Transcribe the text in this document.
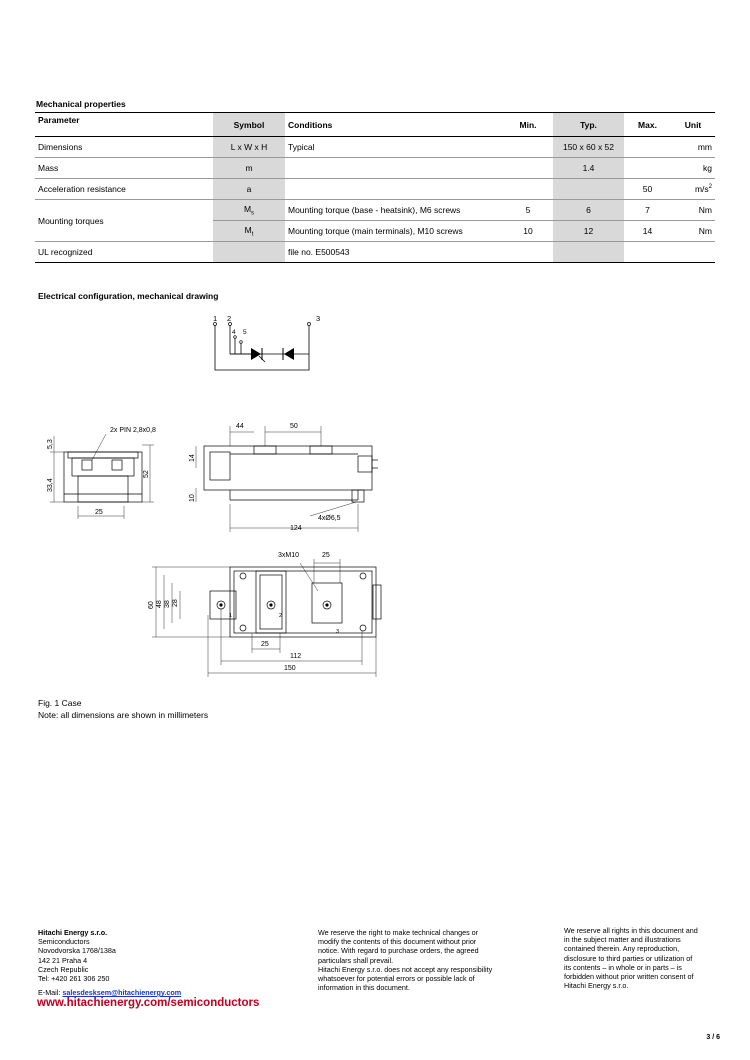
Mechanical properties
Parameter	Symbol	Conditions	Min.	Typ.	Max.	Unit
Dimensions	L x W x H	Typical		150 x 60 x 52		mm
Mass	m			1.4		kg
Acceleration resistance	a				50	$m/s^2$
Mounting torques	$M_s$	Mounting torque (base - heatsink), M6 screws	5	6	7	Nm
	$M_t$	Mounting torque (main terminals), M10 screws	10	12	14	Nm
UL recognized		file no. E500543				
Electrical configuration, mechanical drawing
1 2	3
4 5
2x PIN 2,8x0,8
5,3
33,4
52
25
44	50
14
10
4xØ6,5
124
3xM10	25
60 48 38 28
25
112
150
1	2
3
Fig. 1 Case
Note: all dimensions are shown in millimeters
Hitachi Energy s.r.o.
Semiconductors
Novodvorska 1768/138a
142 21 Praha 4
Czech Republic
Tel: +420 261 306 250
E-Mail: salesdesksem@hitachienergy.com
www.hitachienergy.com/semiconductors
We reserve the right to make technical changes or
modify the contents of this document without prior
notice. With regard to purchase orders, the agreed
particulars shall prevail.
Hitachi Energy s.r.o. does not accept any responsibility
whatsoever for potential errors or possible lack of
information in this document.
We reserve all rights in this document and
in the subject matter and illustrations
contained therein. Any reproduction,
disclosure to third parties or utilization of
its contents – in whole or in parts – is
forbidden without prior written consent of
Hitachi Energy s.r.o.
3 / 6
